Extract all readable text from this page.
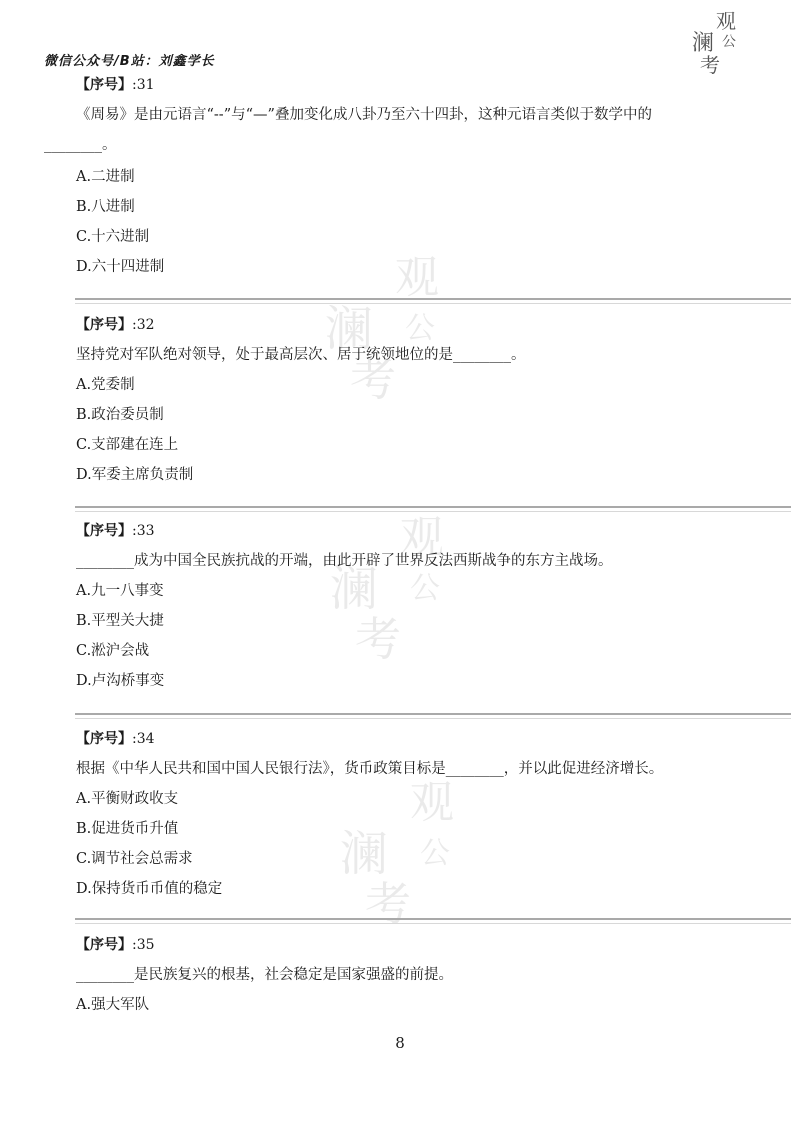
微信公众号/B站：刘鑫学长
观
澜 公
考
观
澜 公
考
观
澜 公
考
观
澜 公
考
【序号】:31
《周易》是由元语言“--”与“—”叠加变化成八卦乃至六十四卦，这种元语言类似于数学中的
________。
A.二进制
B.八进制
C.十六进制
D.六十四进制
【序号】:32
坚持党对军队绝对领导，处于最高层次、居于统领地位的是________。
A.党委制
B.政治委员制
C.支部建在连上
D.军委主席负责制
【序号】:33
________成为中国全民族抗战的开端，由此开辟了世界反法西斯战争的东方主战场。
A.九一八事变
B.平型关大捷
C.淞沪会战
D.卢沟桥事变
【序号】:34
根据《中华人民共和国中国人民银行法》，货币政策目标是________，并以此促进经济增长。
A.平衡财政收支
B.促进货币升值
C.调节社会总需求
D.保持货币币值的稳定
【序号】:35
________是民族复兴的根基，社会稳定是国家强盛的前提。
A.强大军队
8
